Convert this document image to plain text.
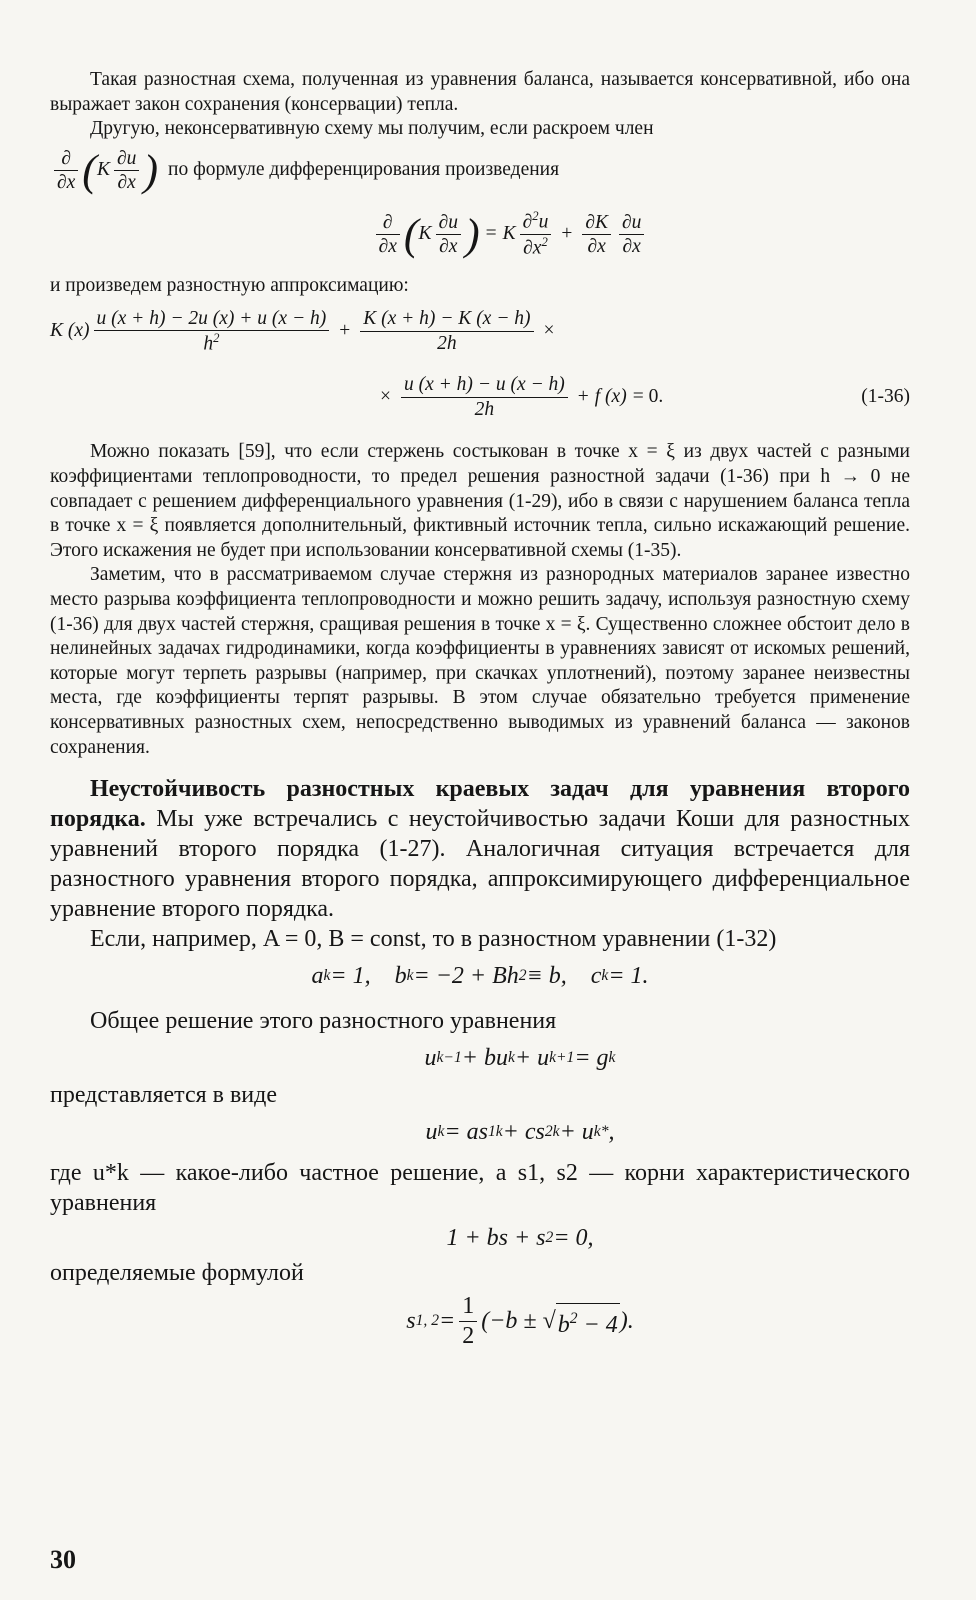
Такая разностная схема, полученная из уравнения баланса, называется консервативной, ибо она выражает закон сохранения (консервации) тепла.

Другую, неконсервативную схему мы получим, если раскроем член

$\frac{\partial}{\partial x}$ ( K $\frac{\partial u}{\partial x}$ ) по формуле дифференцирования произведения
$\frac{\partial}{\partial x}$ ( K $\frac{\partial u}{\partial x}$ ) = K $\frac{\partial^2u}{\partial x^2} + \frac{\partial K}{\partial x} \frac{\partial u}{\partial x}$

и произведем разностную аппроксимацию:

K $(x) \frac{u (x + h) - 2u (x) + u (x - h)}{h^2} + \frac{K (x + h) - K (x - h)}{2h}$ ×
× $\frac{u (x + h) - u (x - h)}{2h} + f$ (x) = 0.	(1-36)

Можно показать [59], что если стержень состыкован в точке x = ξ из двух частей с разными коэффициентами теплопроводности, то предел решения разностной задачи (1-36) при h → 0 не совпадает с решением дифференциального уравнения (1-29), ибо в связи с нарушением баланса тепла в точке x = ξ появляется дополнительный, фиктивный источник тепла, сильно искажающий решение. Этого искажения не будет при использовании консервативной схемы (1-35).

Заметим, что в рассматриваемом случае стержня из разнородных материалов заранее известно место разрыва коэффициента теплопроводности и можно решить задачу, используя разностную схему (1-36) для двух частей стержня, сращивая решения в точке x = ξ. Существенно сложнее обстоит дело в нелинейных задачах гидродинамики, когда коэффициенты в уравнениях зависят от искомых решений, которые могут терпеть разрывы (например, при скачках уплотнений), поэтому заранее неизвестны места, где коэффициенты терпят разрывы. В этом случае обязательно требуется применение консервативных разностных схем, непосредственно выводимых из уравнений баланса — законов сохранения.

Неустойчивость разностных краевых задач для уравнения второго порядка. Мы уже встречались с неустойчивостью задачи Коши для разностных уравнений второго порядка (1-27). Аналогичная ситуация встречается для разностного уравнения второго порядка, аппроксимирующего дифференциальное уравнение второго порядка.

Если, например, A = 0, B = const, то в разностном уравнении (1-32)

a k = 1,    b k = −2 + Bh 2 ≡ b,    c k = 1.

Общее решение этого разностного уравнения

u k−1 + bu k + u k+1 = g k

представляется в виде

u k = as 1 k + cs 2 k + u k * ,

где u*k — какое-либо частное решение, а s1, s2 — корни характеристического уравнения

1 + bs + s 2 = 0,

определяемые формулой

s 1, $2 = \frac{1}{2} (-b$ ± √ $b^2 - 4$ ).
30
